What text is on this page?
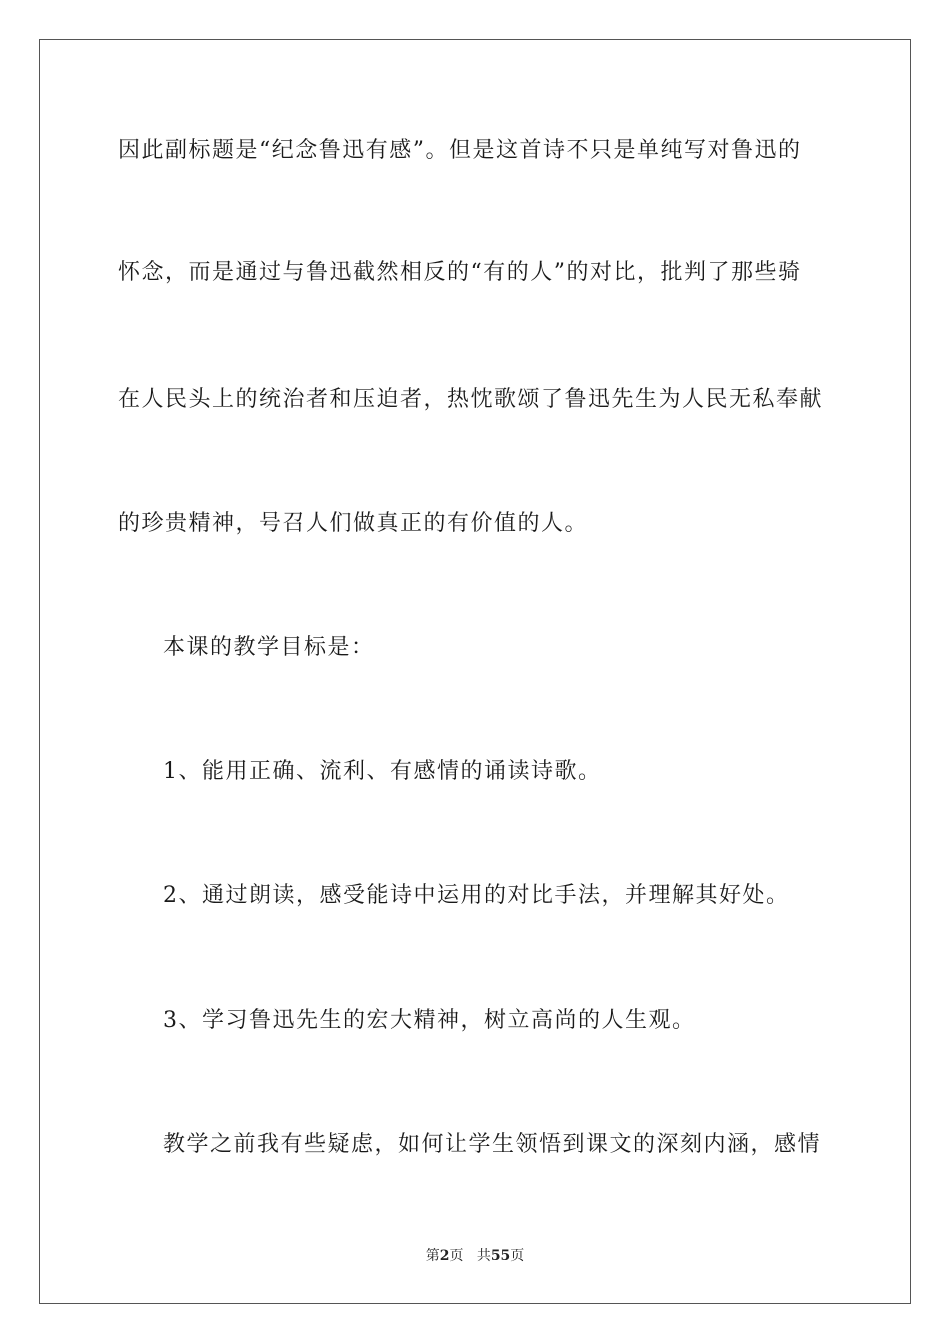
因此副标题是“纪念鲁迅有感”。但是这首诗不只是单纯写对鲁迅的
怀念，而是通过与鲁迅截然相反的“有的人”的对比，批判了那些骑
在人民头上的统治者和压迫者，热忱歌颂了鲁迅先生为人民无私奉献
的珍贵精神，号召人们做真正的有价值的人。
本课的教学目标是：
1、能用正确、流利、有感情的诵读诗歌。
2、通过朗读，感受能诗中运用的对比手法，并理解其好处。
3、学习鲁迅先生的宏大精神，树立高尚的人生观。
教学之前我有些疑虑，如何让学生领悟到课文的深刻内涵，感情
第2页 共55页
